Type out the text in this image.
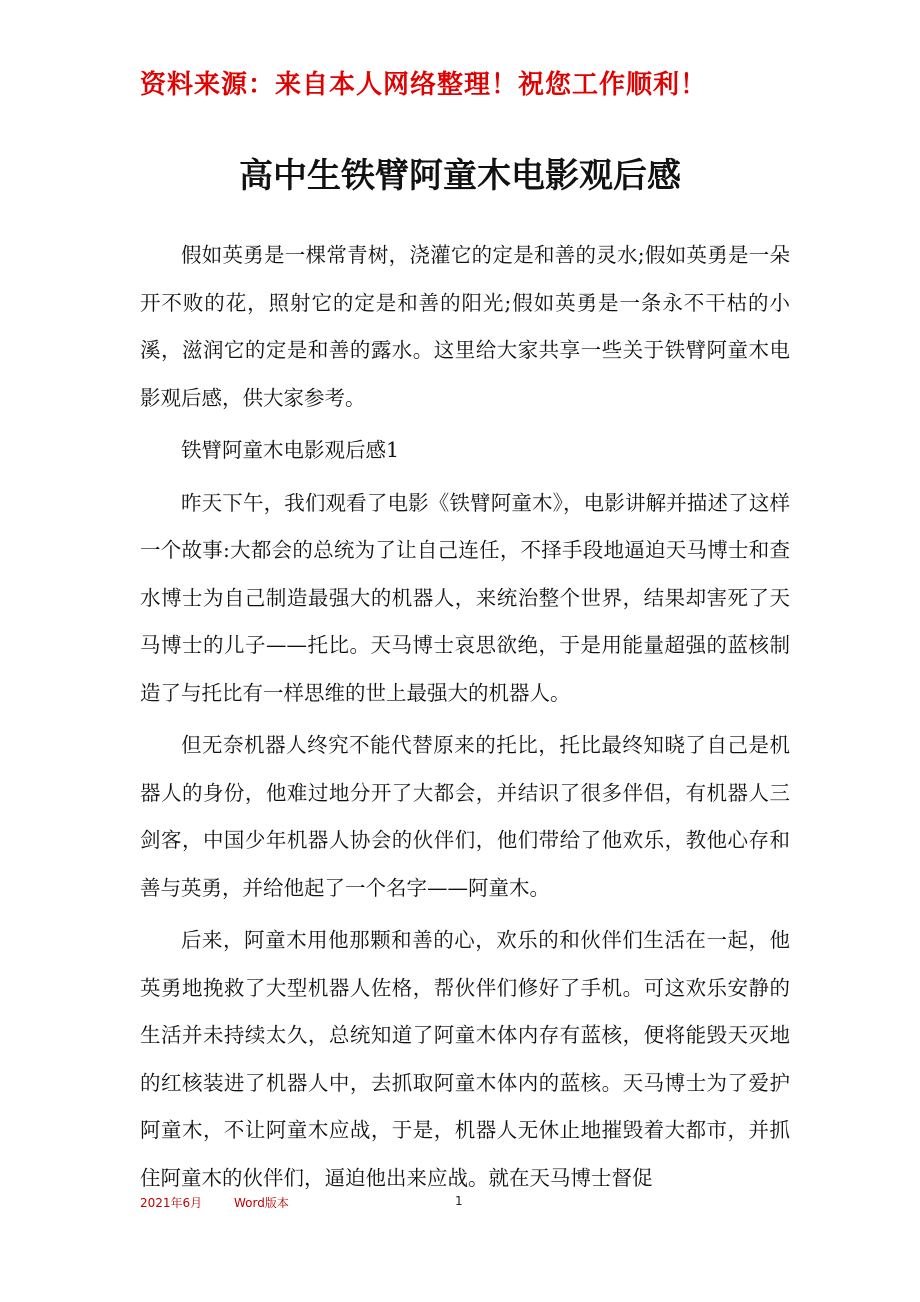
资料来源：来自本人网络整理！祝您工作顺利！
高中生铁臂阿童木电影观后感

假如英勇是一棵常青树，浇灌它的定是和善的灵水;假如英勇是一朵开不败的花，照射它的定是和善的阳光;假如英勇是一条永不干枯的小溪，滋润它的定是和善的露水。这里给大家共享一些关于铁臂阿童木电影观后感，供大家参考。

铁臂阿童木电影观后感1

昨天下午，我们观看了电影《铁臂阿童木》，电影讲解并描述了这样一个故事:大都会的总统为了让自己连任，不择手段地逼迫天马博士和查水博士为自己制造最强大的机器人，来统治整个世界，结果却害死了天马博士的儿子——托比。天马博士哀思欲绝，于是用能量超强的蓝核制造了与托比有一样思维的世上最强大的机器人。

但无奈机器人终究不能代替原来的托比，托比最终知晓了自己是机器人的身份，他难过地分开了大都会，并结识了很多伴侣，有机器人三剑客，中国少年机器人协会的伙伴们，他们带给了他欢乐，教他心存和善与英勇，并给他起了一个名字——阿童木。

后来，阿童木用他那颗和善的心，欢乐的和伙伴们生活在一起，他英勇地挽救了大型机器人佐格，帮伙伴们修好了手机。可这欢乐安静的生活并未持续太久，总统知道了阿童木体内存有蓝核，便将能毁天灭地的红核装进了机器人中，去抓取阿童木体内的蓝核。天马博士为了爱护阿童木，不让阿童木应战，于是，机器人无休止地摧毁着大都市，并抓住阿童木的伙伴们，逼迫他出来应战。就在天马博士督促

2021年6月	Word版本	1
